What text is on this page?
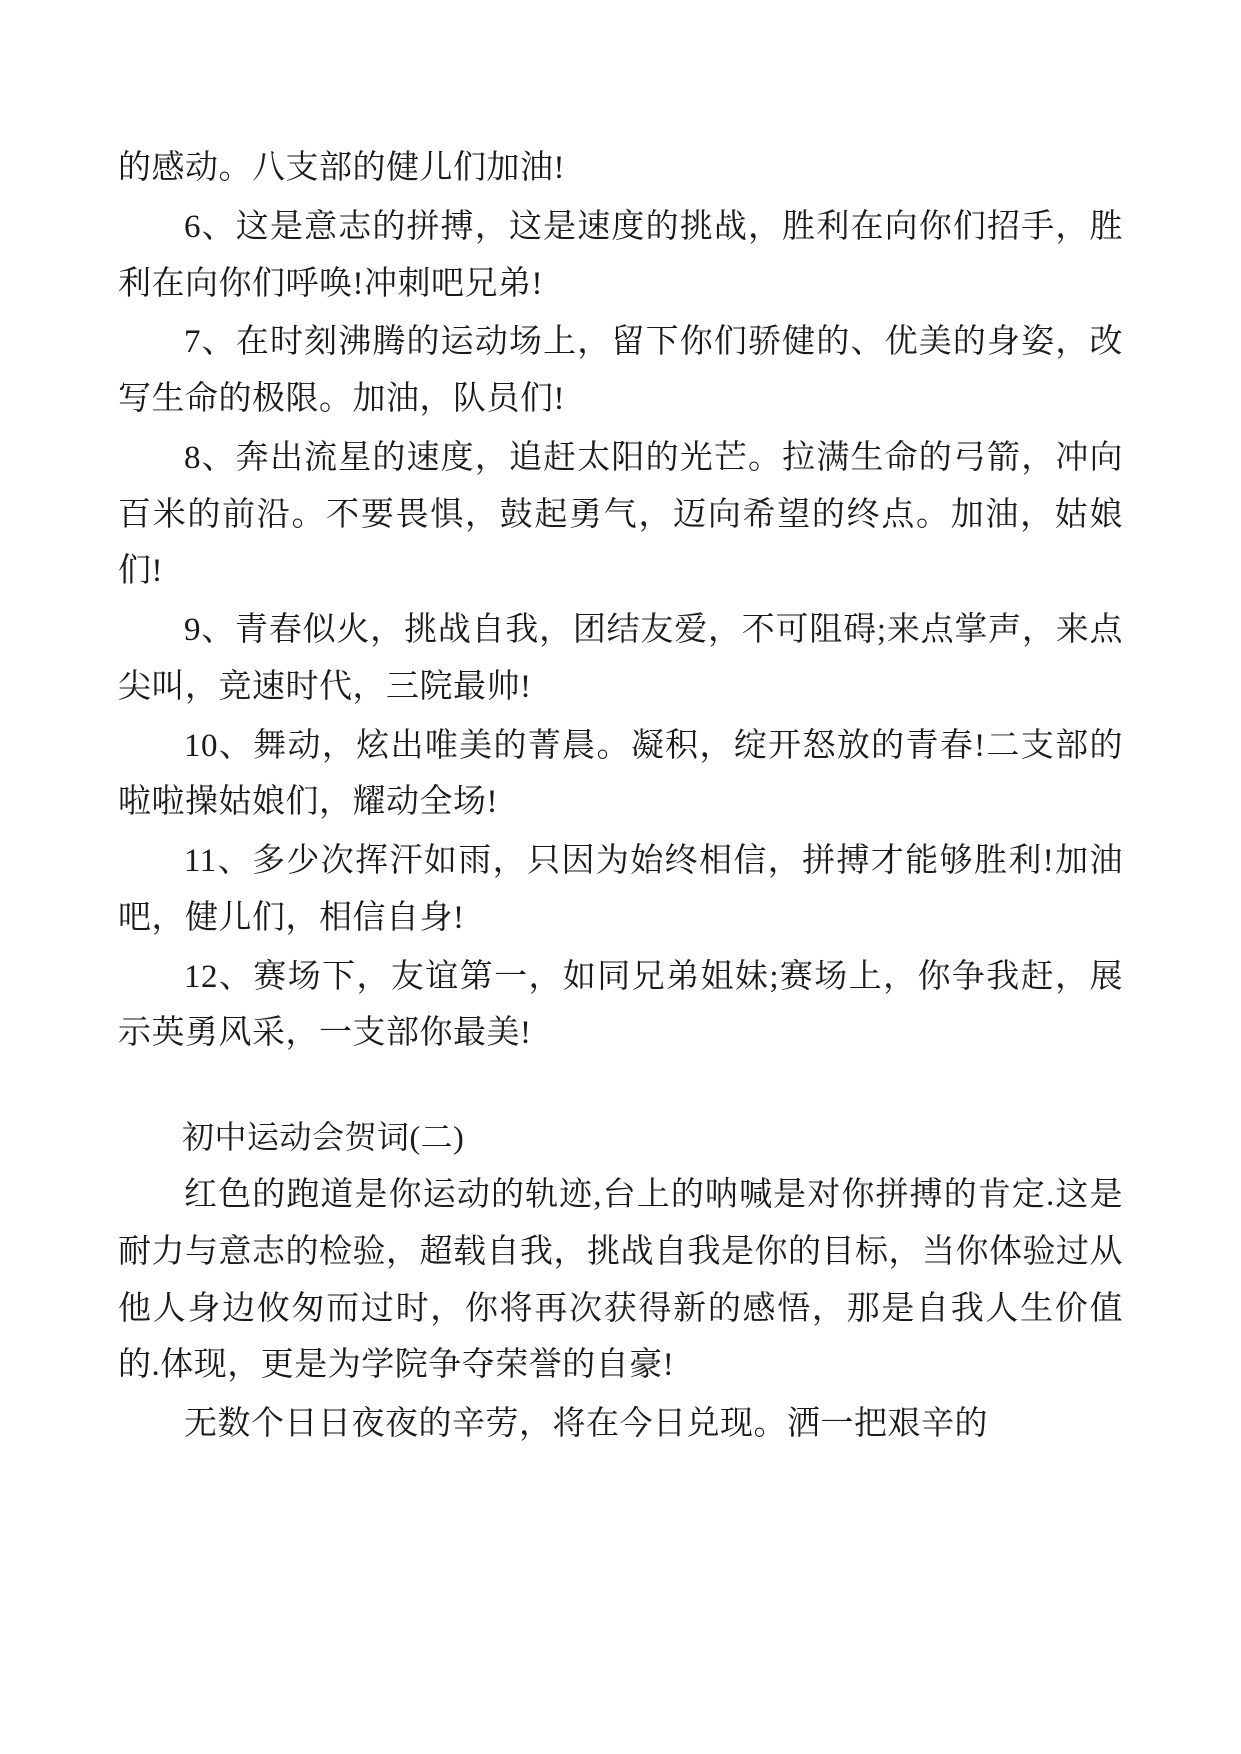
的感动。八支部的健儿们加油!

6、这是意志的拼搏，这是速度的挑战，胜利在向你们招手，胜利在向你们呼唤!冲刺吧兄弟!

7、在时刻沸腾的运动场上，留下你们骄健的、优美的身姿，改写生命的极限。加油，队员们!

8、奔出流星的速度，追赶太阳的光芒。拉满生命的弓箭，冲向百米的前沿。不要畏惧，鼓起勇气，迈向希望的终点。加油，姑娘们!

9、青春似火，挑战自我，团结友爱，不可阻碍;来点掌声，来点尖叫，竞速时代，三院最帅!

10、舞动，炫出唯美的菁晨。凝积，绽开怒放的青春!二支部的啦啦操姑娘们，耀动全场!

11、多少次挥汗如雨，只因为始终相信，拼搏才能够胜利!加油吧，健儿们，相信自身!

12、赛场下，友谊第一，如同兄弟姐妹;赛场上，你争我赶，展示英勇风采，一支部你最美!

初中运动会贺词(二)

红色的跑道是你运动的轨迹,台上的呐喊是对你拼搏的肯定.这是耐力与意志的检验，超载自我，挑战自我是你的目标，当你体验过从他人身边攸匆而过时，你将再次获得新的感悟，那是自我人生价值的.体现，更是为学院争夺荣誉的自豪!

无数个日日夜夜的辛劳，将在今日兑现。洒一把艰辛的
